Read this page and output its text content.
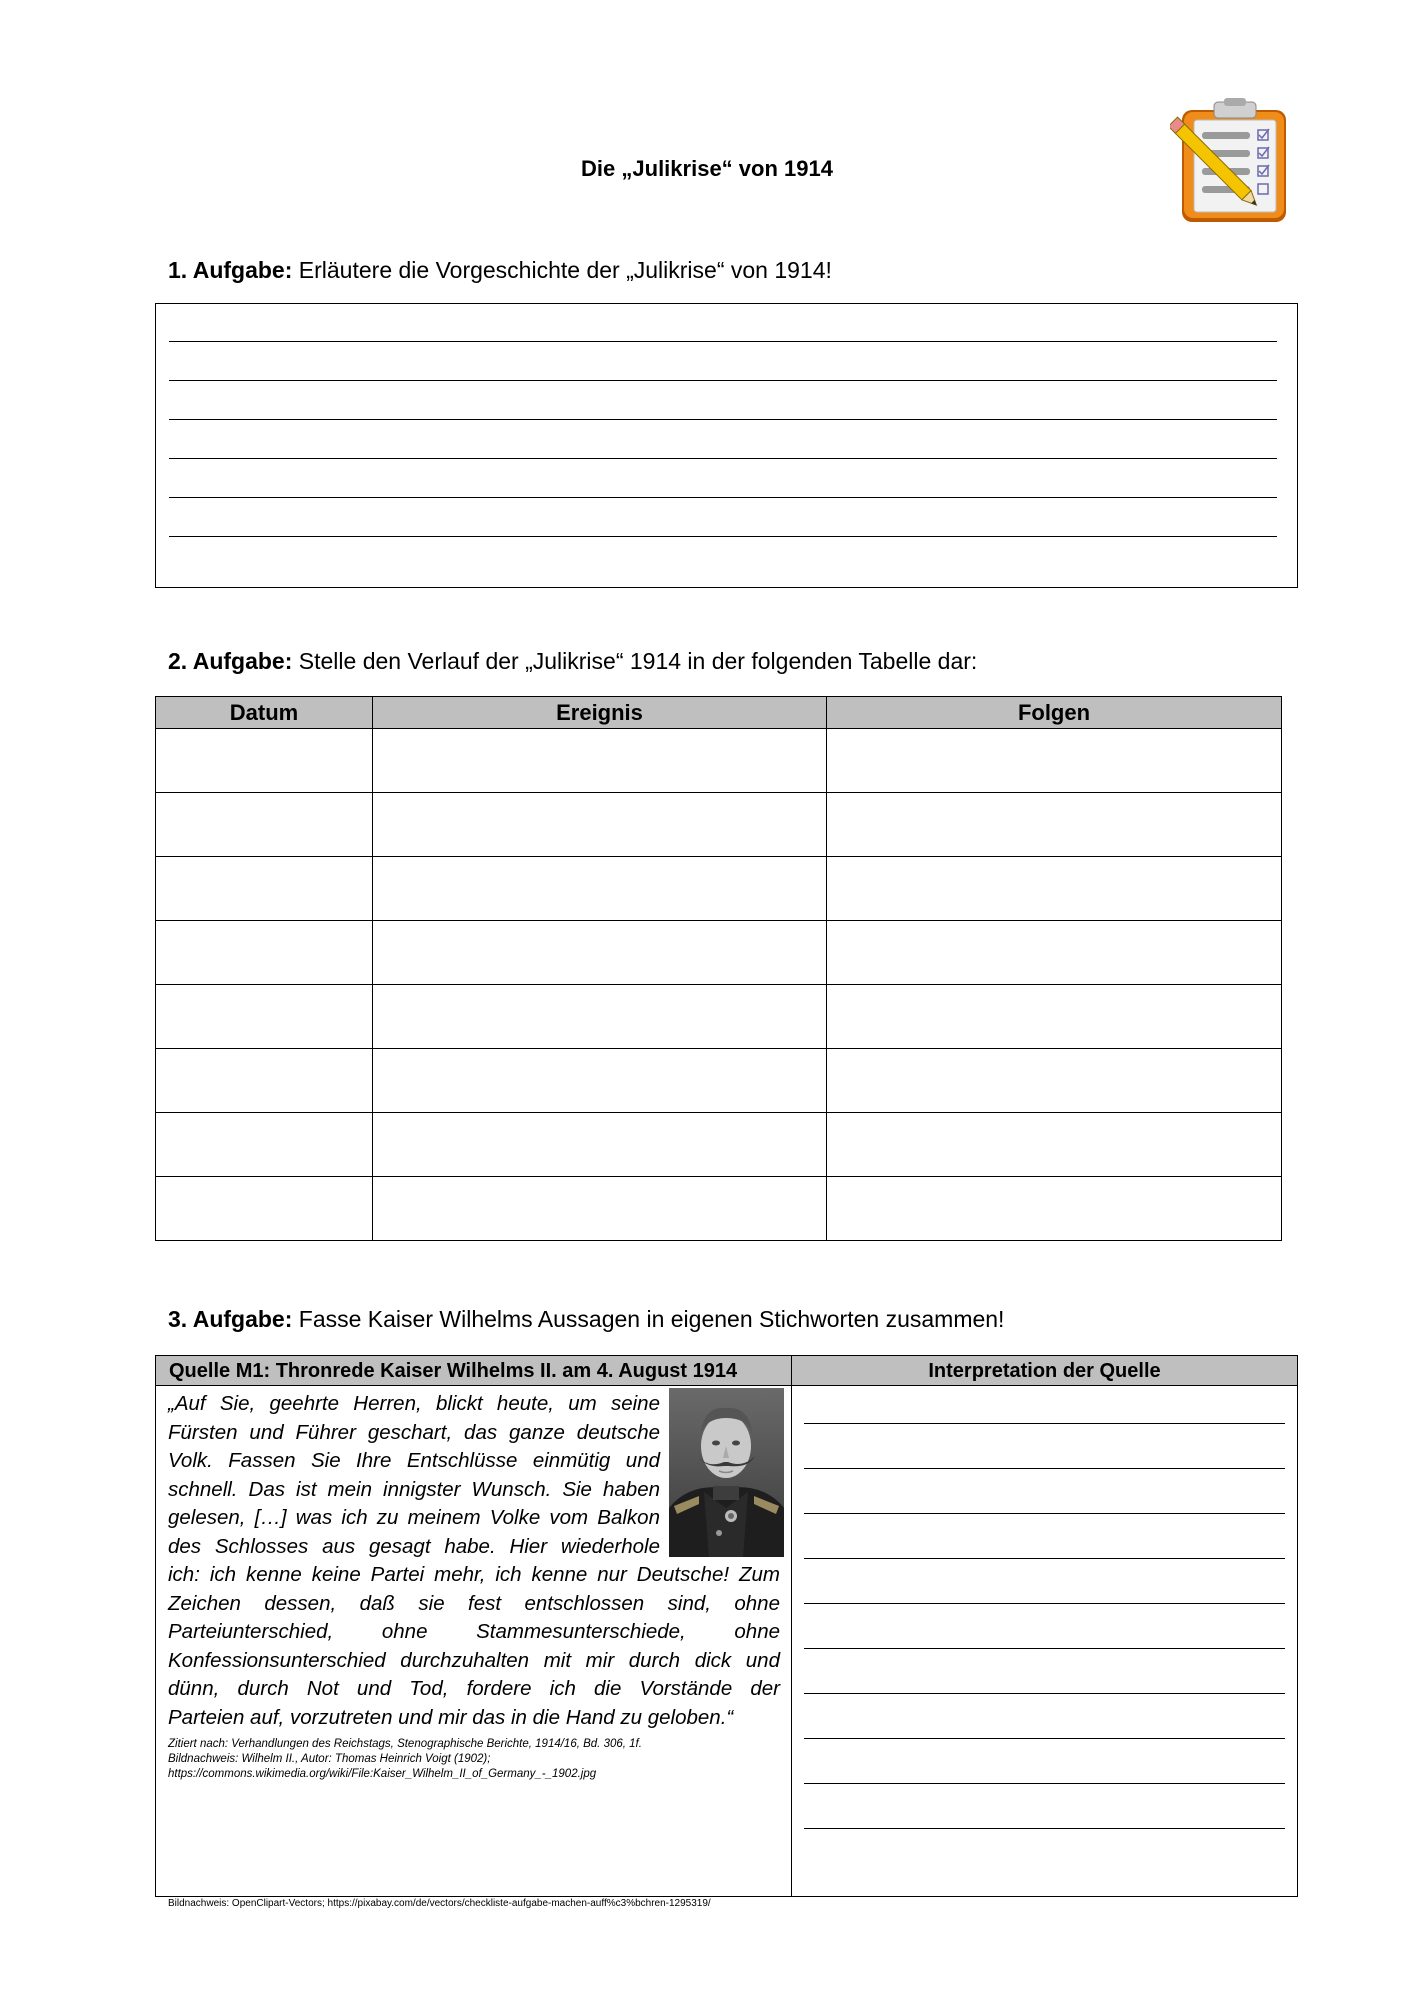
Die „Julikrise“ von 1914
1. Aufgabe: Erläutere die Vorgeschichte der „Julikrise“ von 1914!
2. Aufgabe: Stelle den Verlauf der „Julikrise“ 1914 in der folgenden Tabelle dar:
Datum	Ereignis	Folgen

3. Aufgabe: Fasse Kaiser Wilhelms Aussagen in eigenen Stichworten zusammen!
Quelle M1: Thronrede Kaiser Wilhelms II. am 4. August 1914	Interpretation der Quelle
„Auf Sie, geehrte Herren, blickt heute, um seine
Fürsten und Führer geschart, das ganze deutsche
Volk. Fassen Sie Ihre Entschlüsse einmütig und
schnell. Das ist mein innigster Wunsch. Sie haben
gelesen, […] was ich zu meinem Volke vom Balkon
des Schlosses aus gesagt habe. Hier wiederhole
ich: ich kenne keine Partei mehr, ich kenne nur Deutsche! Zum
Zeichen dessen, daß sie fest entschlossen sind, ohne
Parteiunterschied, ohne Stammesunterschiede, ohne
Konfessionsunterschied durchzuhalten mit mir durch dick und
dünn, durch Not und Tod, fordere ich die Vorstände der
Parteien auf, vorzutreten und mir das in die Hand zu geloben.“
Zitiert nach: Verhandlungen des Reichstags, Stenographische Berichte, 1914/16, Bd. 306, 1f.
Bildnachweis: Wilhelm II., Autor: Thomas Heinrich Voigt (1902);
https://commons.wikimedia.org/wiki/File:Kaiser_Wilhelm_II_of_Germany_-_1902.jpg
Bildnachweis: OpenClipart-Vectors; https://pixabay.com/de/vectors/checkliste-aufgabe-machen-auff%c3%bchren-1295319/
